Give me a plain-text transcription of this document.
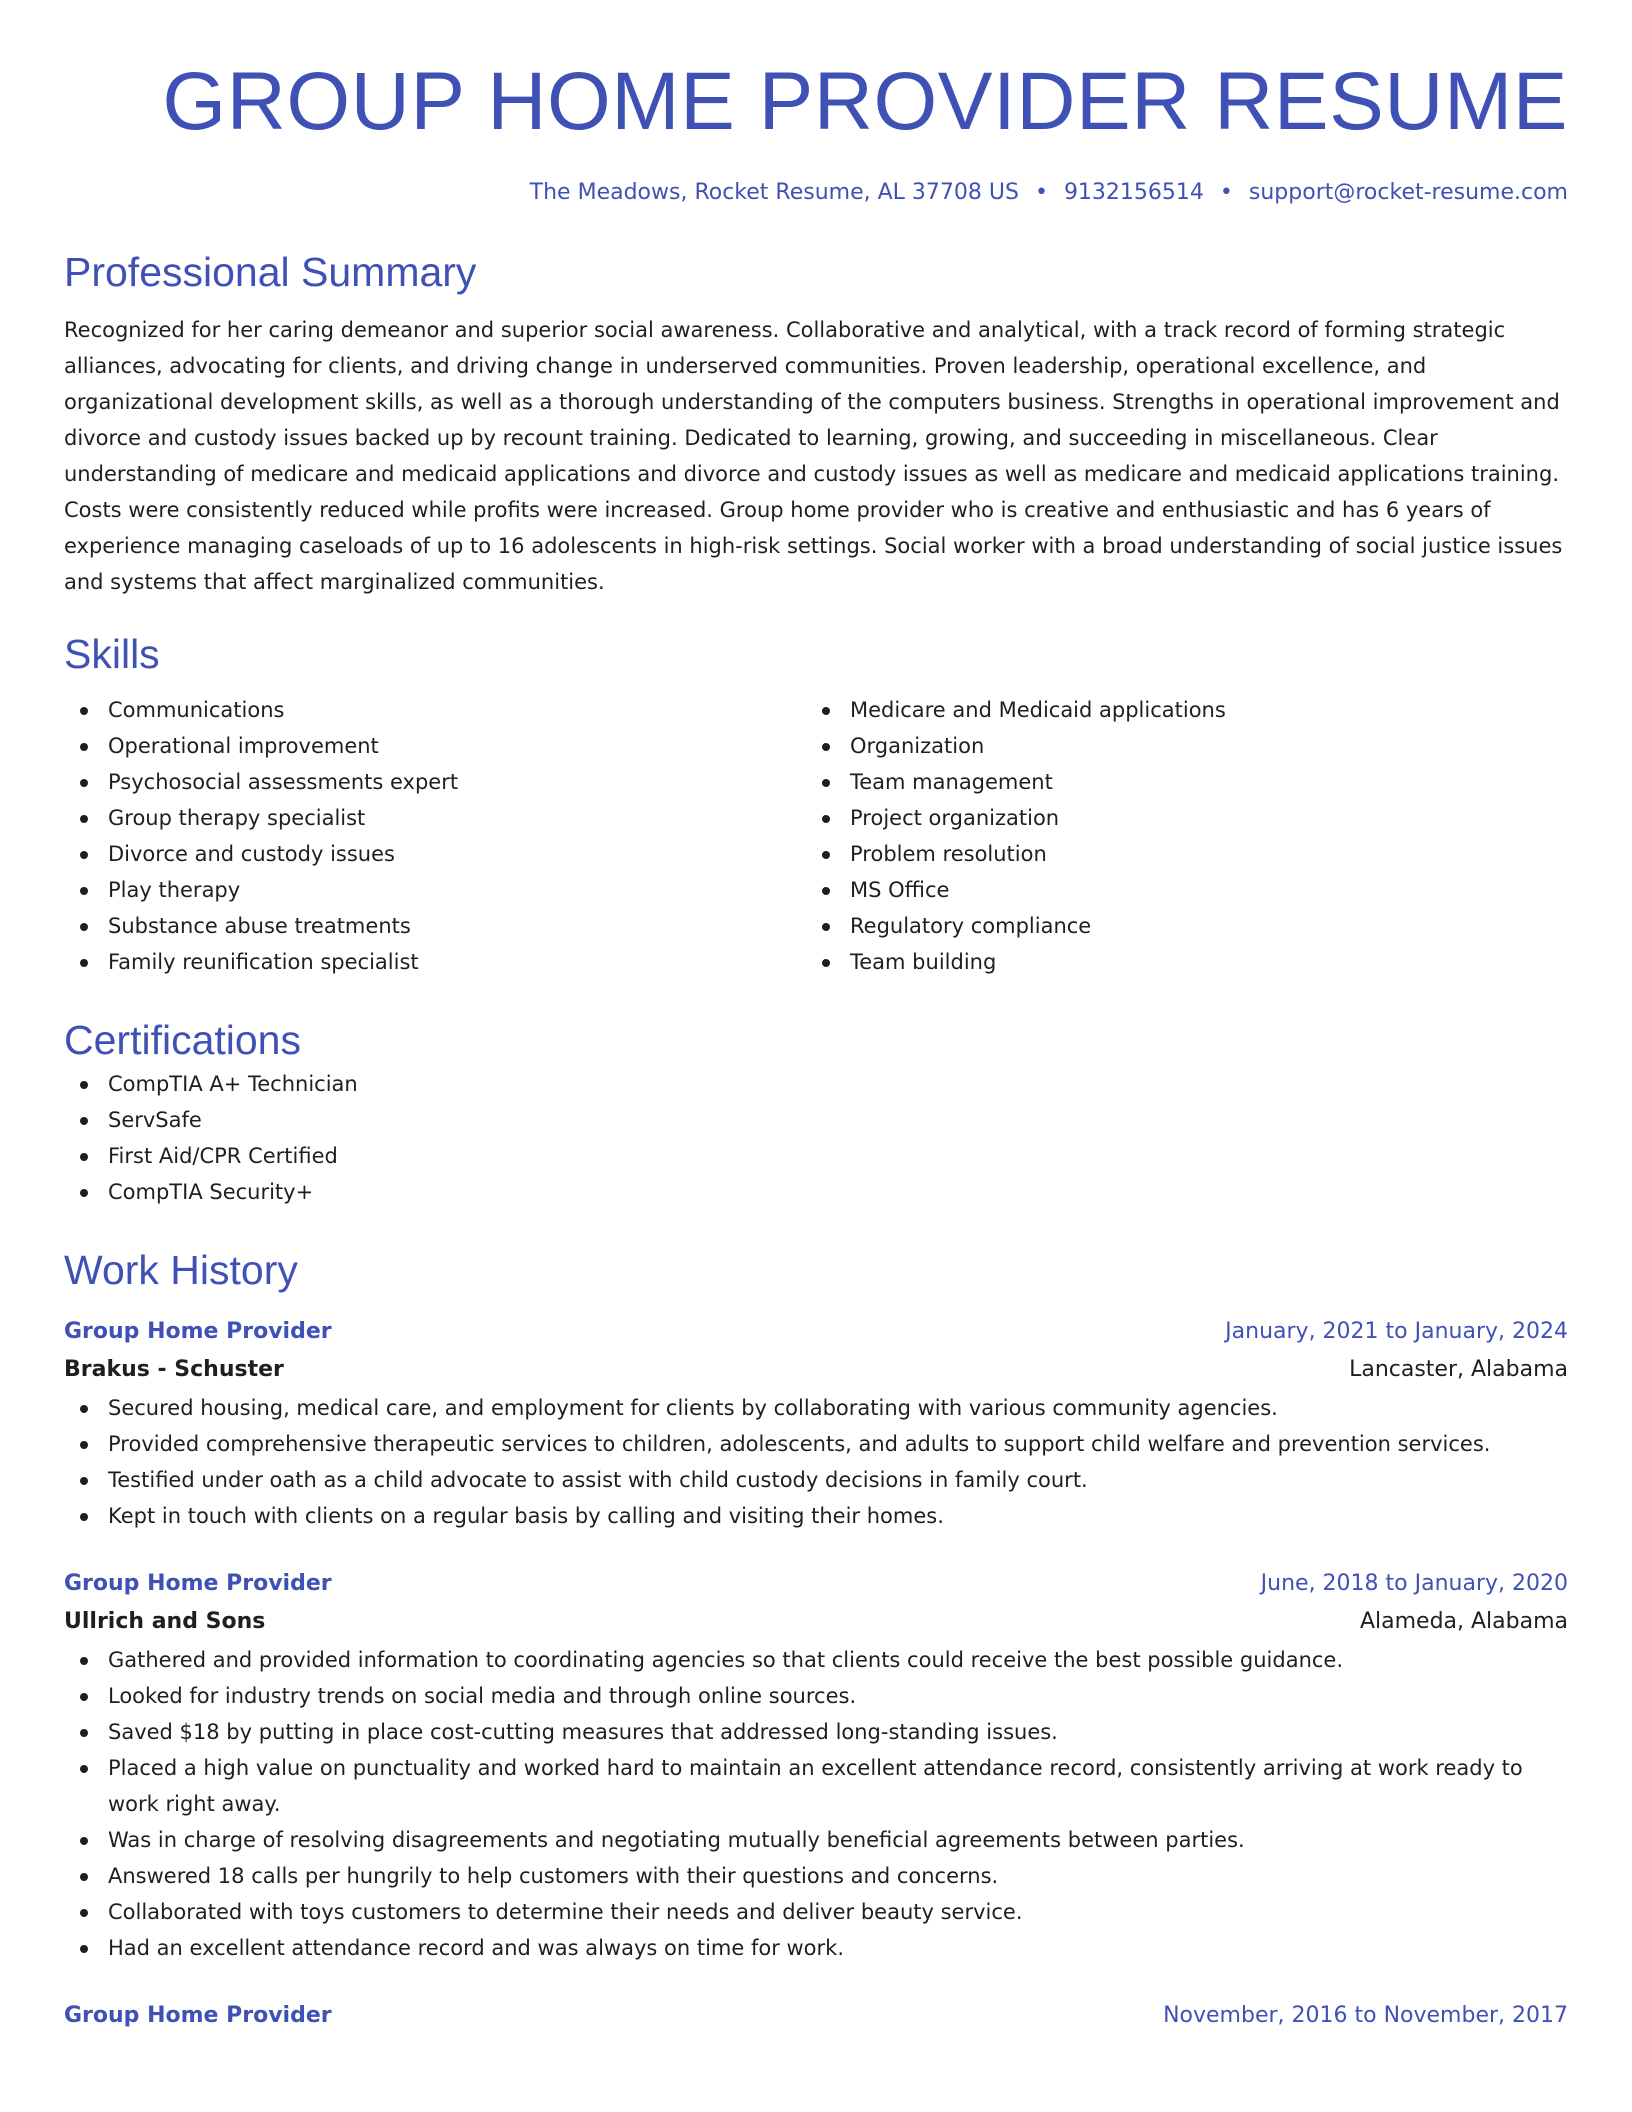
GROUP HOME PROVIDER RESUME
The Meadows, Rocket Resume, AL 37708 US • 9132156514 • support@rocket-resume.com
Professional Summary
Recognized for her caring demeanor and superior social awareness. Collaborative and analytical, with a track record of forming strategic alliances, advocating for clients, and driving change in underserved communities. Proven leadership, operational excellence, and organizational development skills, as well as a thorough understanding of the computers business. Strengths in operational improvement and divorce and custody issues backed up by recount training. Dedicated to learning, growing, and succeeding in miscellaneous. Clear understanding of medicare and medicaid applications and divorce and custody issues as well as medicare and medicaid applications training. Costs were consistently reduced while profits were increased. Group home provider who is creative and enthusiastic and has 6 years of experience managing caseloads of up to 16 adolescents in high-risk settings. Social worker with a broad understanding of social justice issues and systems that affect marginalized communities.
Skills
Communications
Operational improvement
Psychosocial assessments expert
Group therapy specialist
Divorce and custody issues
Play therapy
Substance abuse treatments
Family reunification specialist
Medicare and Medicaid applications
Organization
Team management
Project organization
Problem resolution
MS Office
Regulatory compliance
Team building
Certifications
CompTIA A+ Technician
ServSafe
First Aid/CPR Certified
CompTIA Security+
Work History
Group Home Provider	January, 2021 to January, 2024
Brakus - Schuster	Lancaster, Alabama
Secured housing, medical care, and employment for clients by collaborating with various community agencies.
Provided comprehensive therapeutic services to children, adolescents, and adults to support child welfare and prevention services.
Testified under oath as a child advocate to assist with child custody decisions in family court.
Kept in touch with clients on a regular basis by calling and visiting their homes.
Group Home Provider	June, 2018 to January, 2020
Ullrich and Sons	Alameda, Alabama
Gathered and provided information to coordinating agencies so that clients could receive the best possible guidance.
Looked for industry trends on social media and through online sources.
Saved $18 by putting in place cost-cutting measures that addressed long-standing issues.
Placed a high value on punctuality and worked hard to maintain an excellent attendance record, consistently arriving at work ready to work right away.
Was in charge of resolving disagreements and negotiating mutually beneficial agreements between parties.
Answered 18 calls per hungrily to help customers with their questions and concerns.
Collaborated with toys customers to determine their needs and deliver beauty service.
Had an excellent attendance record and was always on time for work.
Group Home Provider	November, 2016 to November, 2017
